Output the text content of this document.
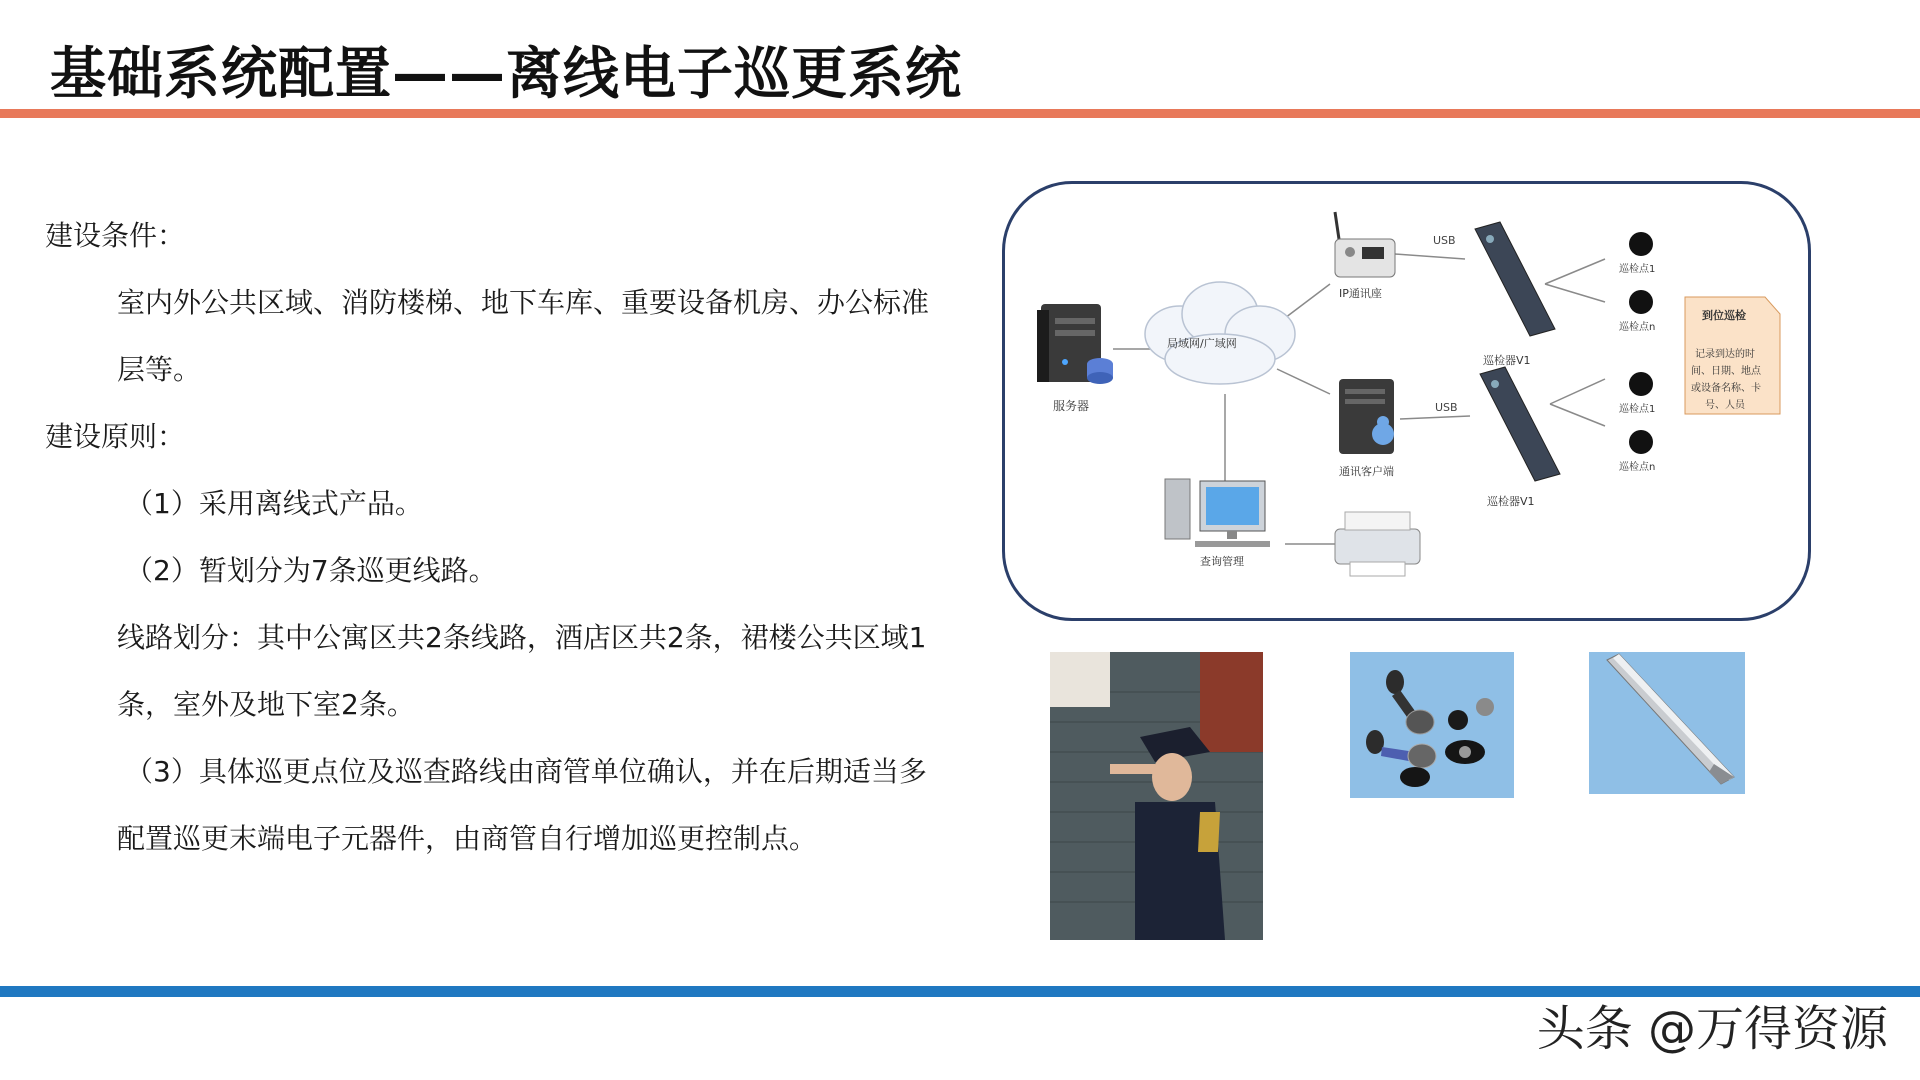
基础系统配置——离线电子巡更系统

建设条件：

室内外公共区域、消防楼梯、地下车库、重要设备机房、办公标准

层等。

建设原则：

（1）采用离线式产品。

（2）暂划分为7条巡更线路。

线路划分：其中公寓区共2条线路，酒店区共2条，裙楼公共区域1

条，室外及地下室2条。

（3）具体巡更点位及巡查路线由商管单位确认，并在后期适当多

配置巡更末端电子元器件，由商管自行增加巡更控制点。

服务器
局域网/广域网
IP通讯座
USB
通讯客户端
USB
巡检器V1
巡检器V1
巡检点1
巡检点n
巡检点1
巡检点n
到位巡检
记录到达的时
间、日期、地点
或设备名称、卡
号、人员
查询管理
头条 @万得资源
